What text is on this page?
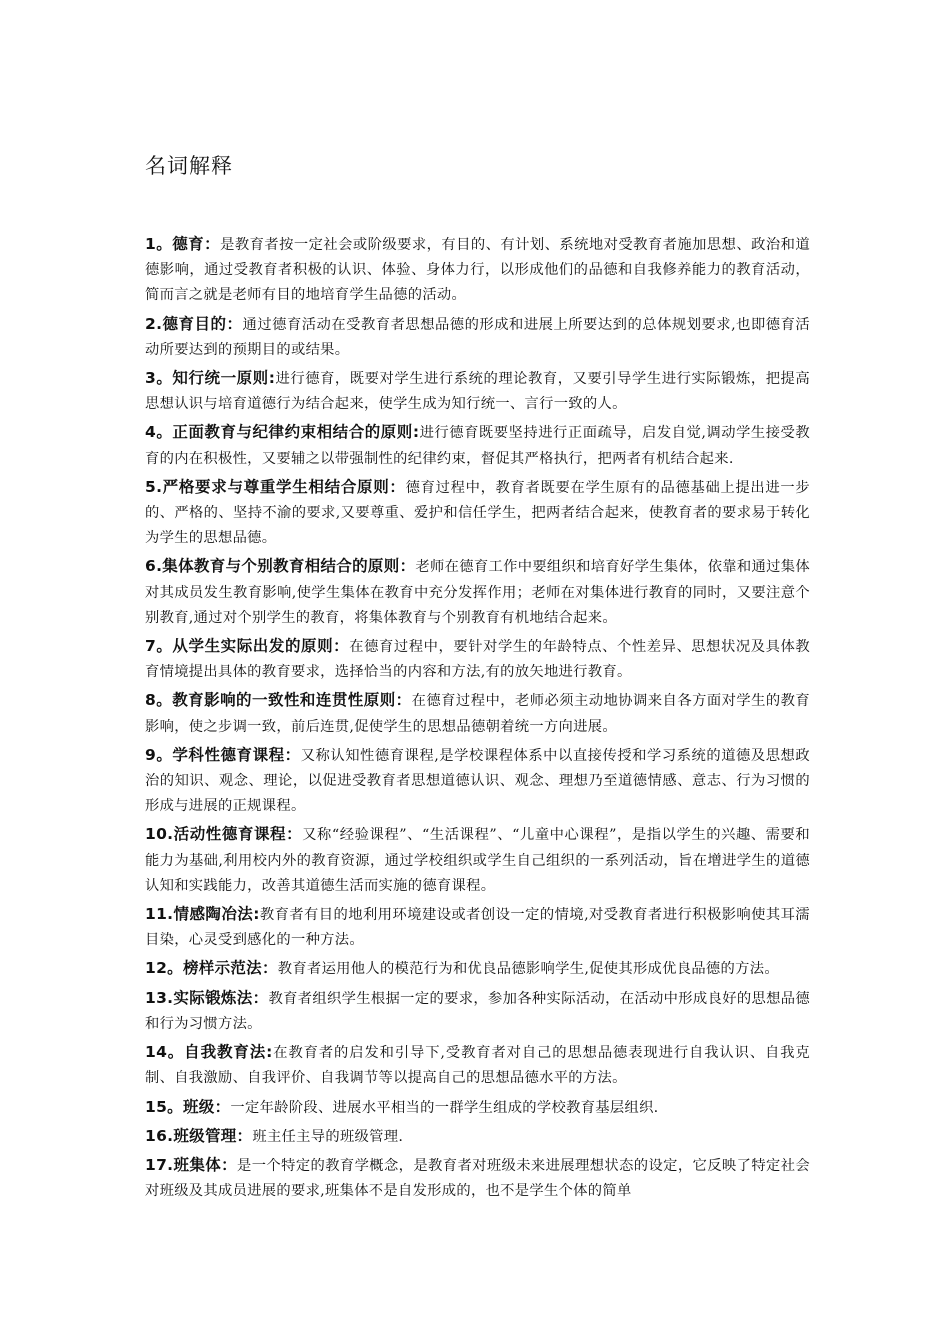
名词解释

1。德育：是教育者按一定社会或阶级要求，有目的、有计划、系统地对受教育者施加思想、政治和道德影响，通过受教育者积极的认识、体验、身体力行，以形成他们的品德和自我修养能力的教育活动，简而言之就是老师有目的地培育学生品德的活动。

2.德育目的：通过德育活动在受教育者思想品德的形成和进展上所要达到的总体规划要求,也即德育活动所要达到的预期目的或结果。

3。知行统一原则:进行德育，既要对学生进行系统的理论教育，又要引导学生进行实际锻炼，把提高思想认识与培育道德行为结合起来，使学生成为知行统一、言行一致的人。

4。正面教育与纪律约束相结合的原则:进行德育既要坚持进行正面疏导，启发自觉,调动学生接受教育的内在积极性，又要辅之以带强制性的纪律约束，督促其严格执行，把两者有机结合起来.

5.严格要求与尊重学生相结合原则：德育过程中，教育者既要在学生原有的品德基础上提出进一步的、严格的、坚持不渝的要求,又要尊重、爱护和信任学生，把两者结合起来，使教育者的要求易于转化为学生的思想品德。

6.集体教育与个别教育相结合的原则：老师在德育工作中要组织和培育好学生集体，依靠和通过集体对其成员发生教育影响,使学生集体在教育中充分发挥作用；老师在对集体进行教育的同时，又要注意个别教育,通过对个别学生的教育，将集体教育与个别教育有机地结合起来。

7。从学生实际出发的原则：在德育过程中，要针对学生的年龄特点、个性差异、思想状况及具体教育情境提出具体的教育要求，选择恰当的内容和方法,有的放矢地进行教育。

8。教育影响的一致性和连贯性原则：在德育过程中，老师必须主动地协调来自各方面对学生的教育影响，使之步调一致，前后连贯,促使学生的思想品德朝着统一方向进展。

9。学科性德育课程：又称认知性德育课程,是学校课程体系中以直接传授和学习系统的道德及思想政治的知识、观念、理论，以促进受教育者思想道德认识、观念、理想乃至道德情感、意志、行为习惯的形成与进展的正规课程。

10.活动性德育课程：又称“经验课程”、“生活课程”、“儿童中心课程”，是指以学生的兴趣、需要和能力为基础,利用校内外的教育资源，通过学校组织或学生自己组织的一系列活动，旨在增进学生的道德认知和实践能力，改善其道德生活而实施的德育课程。

11.情感陶冶法:教育者有目的地利用环境建设或者创设一定的情境,对受教育者进行积极影响使其耳濡目染，心灵受到感化的一种方法。

12。榜样示范法：教育者运用他人的模范行为和优良品德影响学生,促使其形成优良品德的方法。

13.实际锻炼法：教育者组织学生根据一定的要求，参加各种实际活动，在活动中形成良好的思想品德和行为习惯方法。

14。自我教育法:在教育者的启发和引导下,受教育者对自己的思想品德表现进行自我认识、自我克制、自我激励、自我评价、自我调节等以提高自己的思想品德水平的方法。

15。班级：一定年龄阶段、进展水平相当的一群学生组成的学校教育基层组织.

16.班级管理：班主任主导的班级管理.

17.班集体：是一个特定的教育学概念，是教育者对班级未来进展理想状态的设定，它反映了特定社会对班级及其成员进展的要求,班集体不是自发形成的，也不是学生个体的简单
